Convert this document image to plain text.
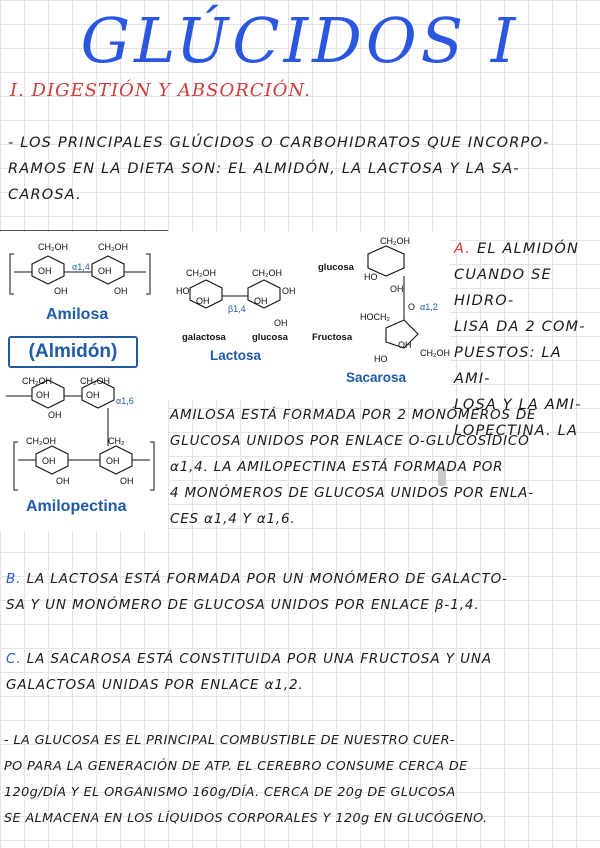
GLÚCIDOS I
I. DIGESTIÓN Y ABSORCIÓN.
- LOS PRINCIPALES GLÚCIDOS O CARBOHIDRATOS QUE INCORPO-
RAMOS EN LA DIETA SON: EL ALMIDÓN, LA LACTOSA Y LA SA-
CAROSA.
CH₂OH	CH₂OH
OH	OH
OH	OH
α1,4
Amilosa
(Almidón)
CH₂OH	CH₂OH
OH	OH
OH
α1,6
CH₂OH	CH₂
OH	OH
OH	OH
Amilopectina
CH₂OH	CH₂OH
HO
OH	OH
OH
β1,4
OH
galactosa	glucosa
Lactosa
glucosa
CH₂OH
HO
OH
O α1,2
HOCH₂
Fructosa
OH
CH₂OH
HO
Sacarosa
A. EL ALMIDÓN
CUANDO SE HIDRO-
LISA DA 2 COM-
PUESTOS: LA AMI-
LOSA Y LA AMI-
LOPECTINA. LA
AMILOSA ESTÁ FORMADA POR 2 MONÓMEROS DE
GLUCOSA UNIDOS POR ENLACE O-GLUCOSÍDICO
α1,4. LA AMILOPECTINA ESTÁ FORMADA POR
4 MONÓMEROS DE GLUCOSA UNIDOS POR ENLA-
CES α1,4 Y α1,6.
B. LA LACTOSA ESTÁ FORMADA POR UN MONÓMERO DE GALACTO-
SA Y UN MONÓMERO DE GLUCOSA UNIDOS POR ENLACE β-1,4.
C. LA SACAROSA ESTÁ CONSTITUIDA POR UNA FRUCTOSA Y UNA
GALACTOSA UNIDAS POR ENLACE α1,2.
- LA GLUCOSA ES EL PRINCIPAL COMBUSTIBLE DE NUESTRO CUER-
PO PARA LA GENERACIÓN DE ATP. EL CEREBRO CONSUME CERCA DE
120g/DÍA Y EL ORGANISMO 160g/DÍA. CERCA DE 20g DE GLUCOSA
SE ALMACENA EN LOS LÍQUIDOS CORPORALES Y 120g EN GLUCÓGENO.
